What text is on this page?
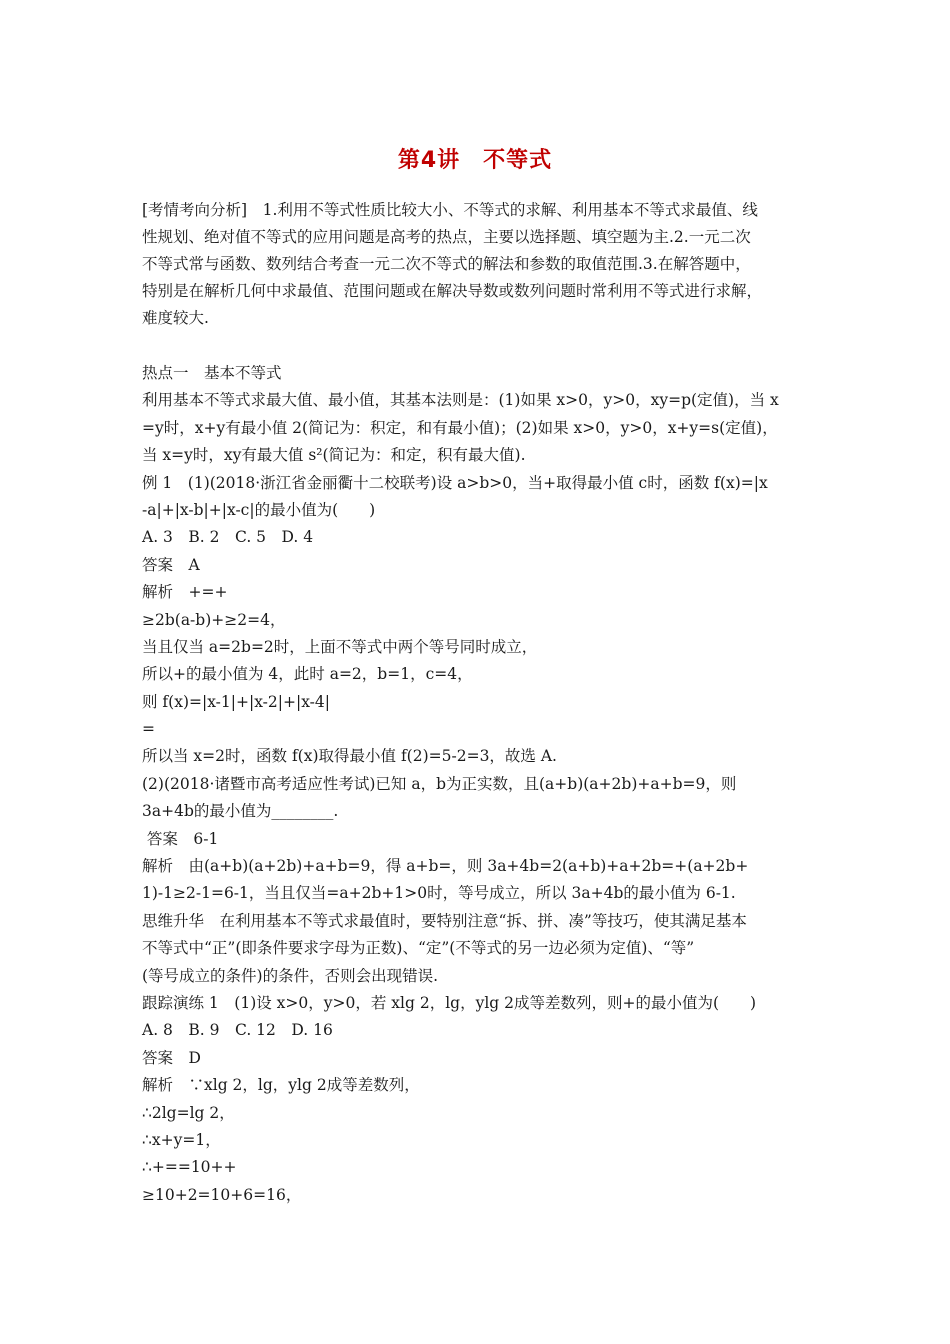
第4讲　不等式
[考情考向分析]　1.利用不等式性质比较大小、不等式的求解、利用基本不等式求最值、线
性规划、绝对值不等式的应用问题是高考的热点，主要以选择题、填空题为主.2.一元二次
不等式常与函数、数列结合考查一元二次不等式的解法和参数的取值范围.3.在解答题中，
特别是在解析几何中求最值、范围问题或在解决导数或数列问题时常利用不等式进行求解，
难度较大.
热点一　基本不等式
利用基本不等式求最大值、最小值，其基本法则是：(1)如果 x>0，y>0，xy=p(定值)，当 x
=y时，x+y有最小值 2(简记为：积定，和有最小值)；(2)如果 x>0，y>0，x+y=s(定值)，
当 x=y时，xy有最大值 s²(简记为：和定，积有最大值).
例 1　(1)(2018·浙江省金丽衢十二校联考)设 a>b>0，当+取得最小值 c时，函数 f(x)=|x
-a|+|x-b|+|x-c|的最小值为(　　)
A. 3　B. 2　C. 5　D. 4
答案　A
解析　+=+
≥2b(a-b)+≥2=4，
当且仅当 a=2b=2时，上面不等式中两个等号同时成立，
所以+的最小值为 4，此时 a=2，b=1，c=4，
则 f(x)=|x-1|+|x-2|+|x-4|
=
所以当 x=2时，函数 f(x)取得最小值 f(2)=5-2=3，故选 A.
(2)(2018·诸暨市高考适应性考试)已知 a，b为正实数，且(a+b)(a+2b)+a+b=9，则
3a+4b的最小值为________.
答案　6-1
解析　由(a+b)(a+2b)+a+b=9，得 a+b=，则 3a+4b=2(a+b)+a+2b=+(a+2b+
1)-1≥2-1=6-1，当且仅当=a+2b+1>0时，等号成立，所以 3a+4b的最小值为 6-1.
思维升华　在利用基本不等式求最值时，要特别注意“拆、拼、凑”等技巧，使其满足基本
不等式中“正”(即条件要求字母为正数)、“定”(不等式的另一边必须为定值)、“等”
(等号成立的条件)的条件，否则会出现错误.
跟踪演练 1　(1)设 x>0，y>0，若 xlg 2，lg，ylg 2成等差数列，则+的最小值为(　　)
A. 8　B. 9　C. 12　D. 16
答案　D
解析　∵xlg 2，lg，ylg 2成等差数列，
∴2lg=lg 2，
∴x+y=1，
∴+==10++
≥10+2=10+6=16，
